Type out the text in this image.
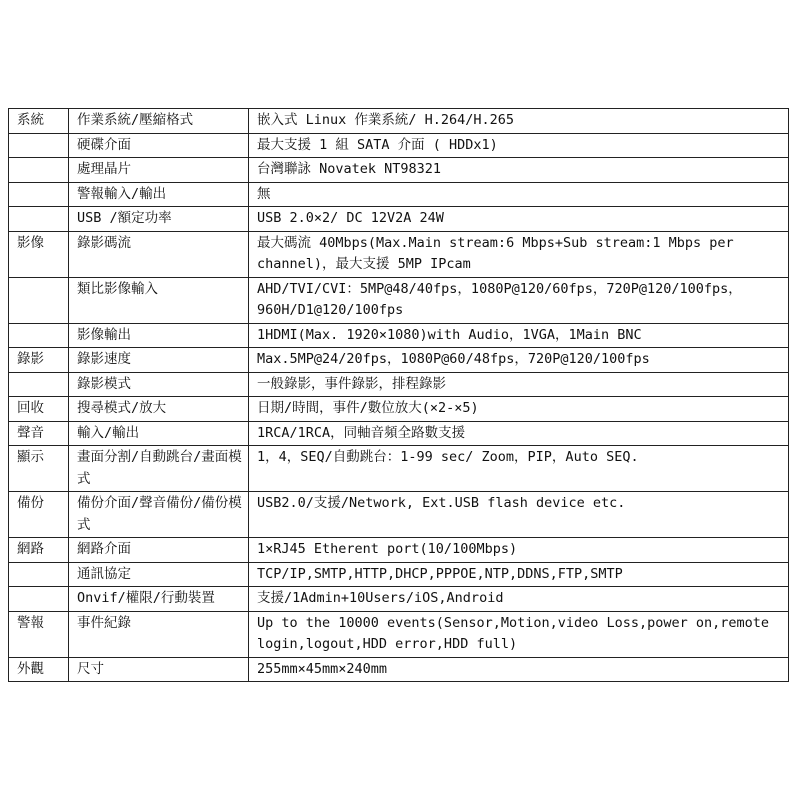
系統	作業系統/壓縮格式	嵌入式 Linux 作業系統/ H.264/H.265
	硬碟介面	最大支援 1 組 SATA 介面 ( HDDx1)
	處理晶片	台灣聯詠 Novatek NT98321
	警報輸入/輸出	無
	USB /額定功率	USB 2.0×2/ DC 12V2A 24W
影像	錄影碼流	最大碼流 40Mbps(Max.Main stream:6 Mbps+Sub stream:1 Mbps per channel)，最大支援 5MP IPcam
	類比影像輸入	AHD/TVI/CVI：5MP@48/40fps，1080P@120/60fps，720P@120/100fps，960H/D1@120/100fps
	影像輸出	1HDMI(Max. 1920×1080)with Audio，1VGA，1Main BNC
錄影	錄影速度	Max.5MP@24/20fps，1080P@60/48fps，720P@120/100fps
	錄影模式	一般錄影，事件錄影，排程錄影
回收	搜尋模式/放大	日期/時間，事件/數位放大(×2-×5)
聲音	輸入/輸出	1RCA/1RCA，同軸音頻全路數支援
顯示	畫面分割/自動跳台/畫面模式	1，4，SEQ/自動跳台：1-99 sec/ Zoom，PIP，Auto SEQ.
備份	備份介面/聲音備份/備份模式	USB2.0/支援/Network, Ext.USB flash device etc.
網路	網路介面	1×RJ45 Etherent port(10/100Mbps)
	通訊協定	TCP/IP,SMTP,HTTP,DHCP,PPPOE,NTP,DDNS,FTP,SMTP
	Onvif/權限/行動裝置	支援/1Admin+10Users/iOS,Android
警報	事件紀錄	Up to the 10000 events(Sensor,Motion,video Loss,power on,remote login,logout,HDD error,HDD full)
外觀	尺寸	255mm×45mm×240mm
